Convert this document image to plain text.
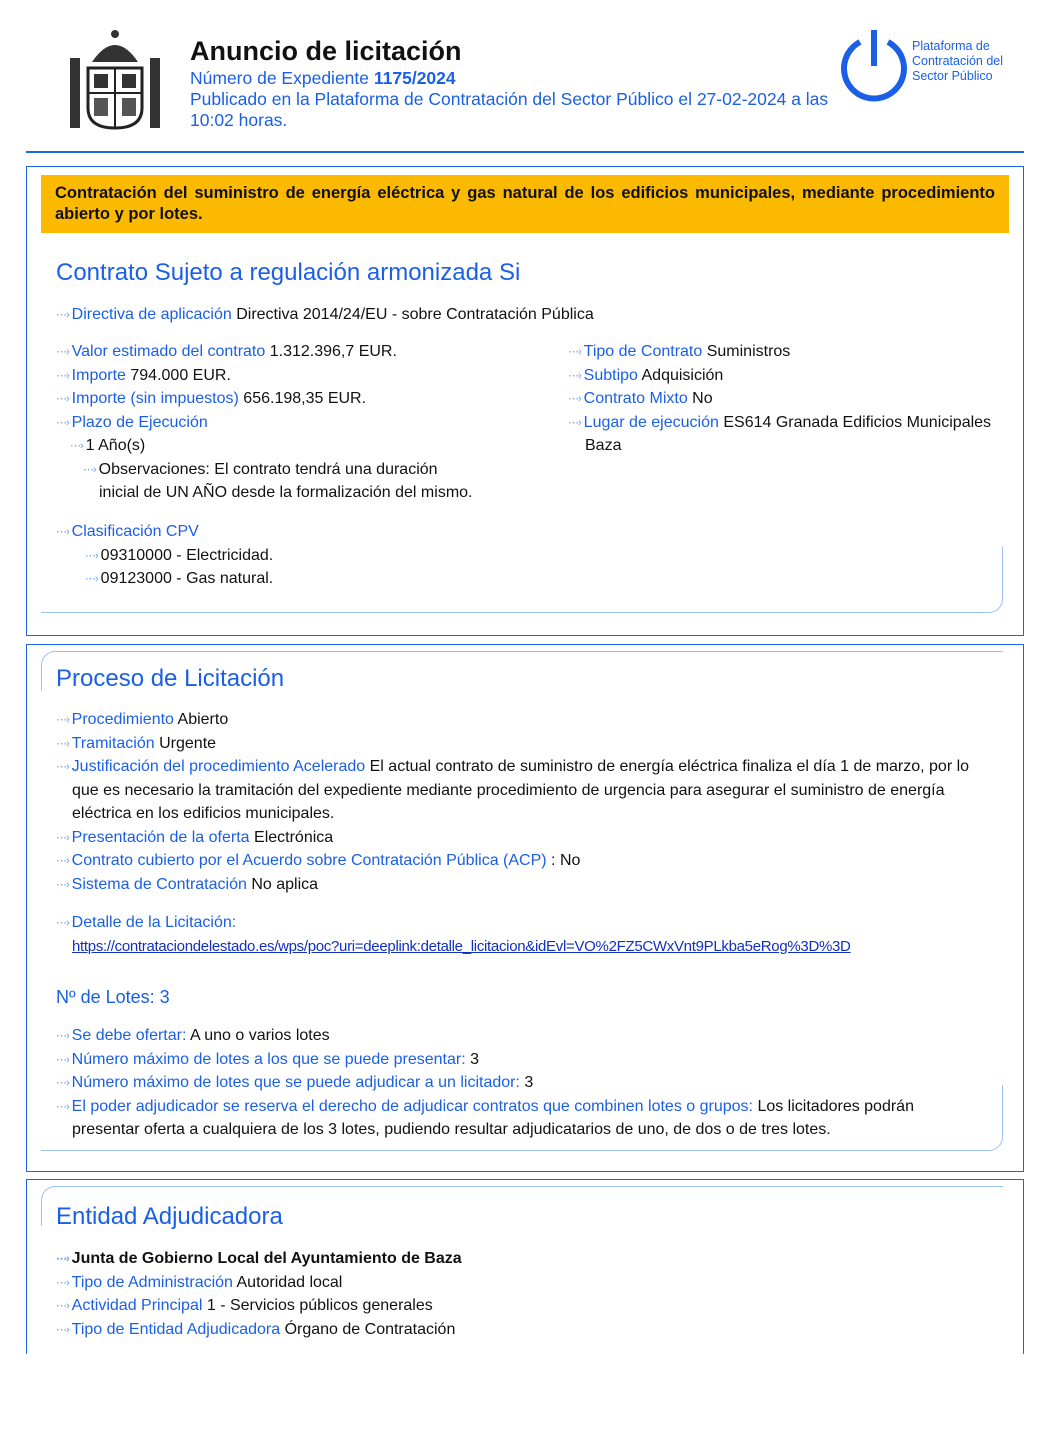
Anuncio de licitación
Número de Expediente 1175/2024
Publicado en la Plataforma de Contratación del Sector Público el 27-02-2024 a las 10:02 horas.
Plataforma de Contratación del Sector Público
Contratación del suministro de energía eléctrica y gas natural de los edificios municipales, mediante procedimiento abierto y por lotes.
Contrato Sujeto a regulación armonizada Si
⋯› Directiva de aplicación Directiva 2014/24/EU - sobre Contratación Pública
⋯› Valor estimado del contrato 1.312.396,7 EUR.
⋯› Importe 794.000 EUR.
⋯› Importe (sin impuestos) 656.198,35 EUR.
⋯› Plazo de Ejecución
⋯› 1 Año(s)
⋯› Observaciones: El contrato tendrá una duración
inicial de UN AÑO desde la formalización del mismo.
⋯› Tipo de Contrato Suministros
⋯› Subtipo Adquisición
⋯› Contrato Mixto No
⋯› Lugar de ejecución ES614 Granada Edificios Municipales
Baza
⋯› Clasificación CPV
⋯› 09310000 - Electricidad.
⋯› 09123000 - Gas natural.
Proceso de Licitación
⋯› Procedimiento Abierto
⋯› Tramitación Urgente
⋯› Justificación del procedimiento Acelerado El actual contrato de suministro de energía eléctrica finaliza el día 1 de marzo, por lo
que es necesario la tramitación del expediente mediante procedimiento de urgencia para asegurar el suministro de energía
eléctrica en los edificios municipales.
⋯› Presentación de la oferta Electrónica
⋯› Contrato cubierto por el Acuerdo sobre Contratación Pública (ACP) : No
⋯› Sistema de Contratación No aplica
⋯› Detalle de la Licitación:
https://contrataciondelestado.es/wps/poc?uri=deeplink:detalle_licitacion&idEvl=VO%2FZ5CWxVnt9PLkba5eRog%3D%3D
Nº de Lotes: 3
⋯› Se debe ofertar: A uno o varios lotes
⋯› Número máximo de lotes a los que se puede presentar: 3
⋯› Número máximo de lotes que se puede adjudicar a un licitador: 3
⋯› El poder adjudicador se reserva el derecho de adjudicar contratos que combinen lotes o grupos: Los licitadores podrán
presentar oferta a cualquiera de los 3 lotes, pudiendo resultar adjudicatarios de uno, de dos o de tres lotes.
Entidad Adjudicadora
⋯› Junta de Gobierno Local del Ayuntamiento de Baza
⋯› Tipo de Administración Autoridad local
⋯› Actividad Principal 1 - Servicios públicos generales
⋯› Tipo de Entidad Adjudicadora Órgano de Contratación
